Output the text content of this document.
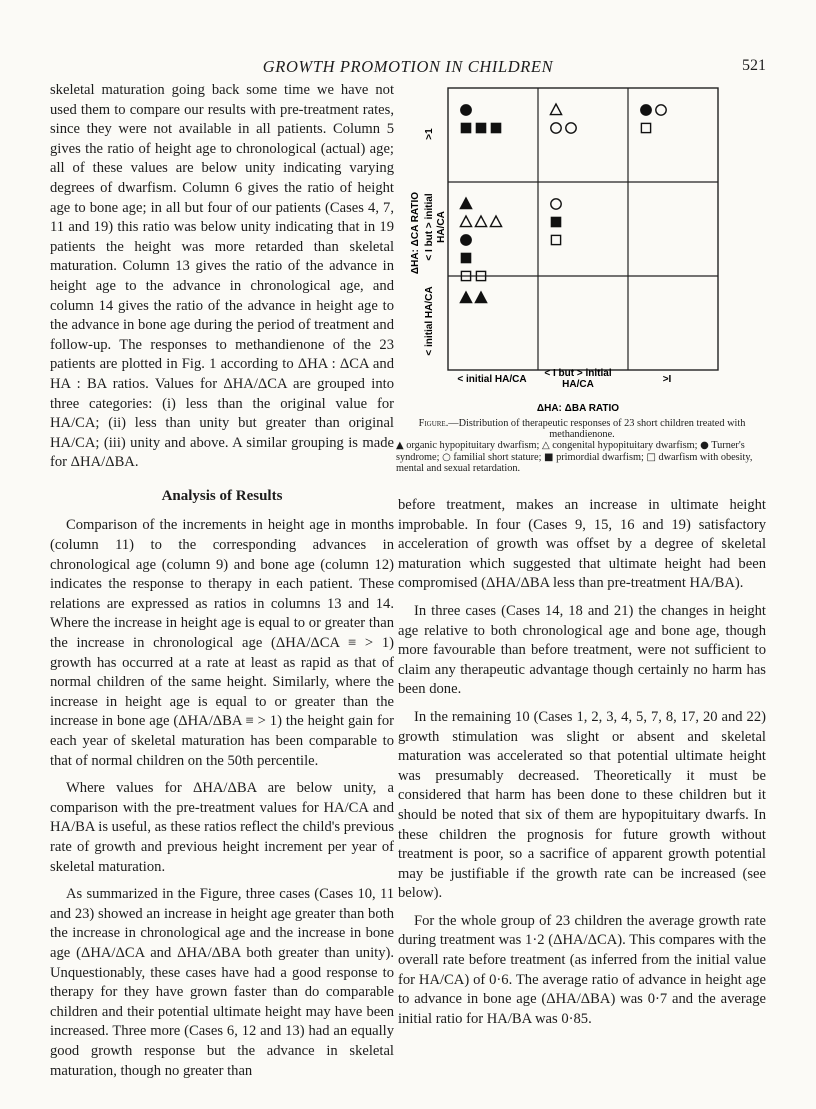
GROWTH PROMOTION IN CHILDREN	521

skeletal maturation going back some time we have not used them to compare our results with pre-treatment rates, since they were not available in all patients. Column 5 gives the ratio of height age to chronological (actual) age; all of these values are below unity indicating varying degrees of dwarfism. Column 6 gives the ratio of height age to bone age; in all but four of our patients (Cases 4, 7, 11 and 19) this ratio was below unity indicating that in 19 patients the height was more retarded than skeletal maturation. Column 13 gives the ratio of the advance in height age to the advance in chronological age, and column 14 gives the ratio of the advance in height age to the advance in bone age during the period of treatment and follow-up. The responses to methandienone of the 23 patients are plotted in Fig. 1 according to ΔHA : ΔCA and HA : BA ratios. Values for ΔHA/ΔCA are grouped into three categories: (i) less than the original value for HA/CA; (ii) less than unity but greater than original HA/CA; (iii) unity and above. A similar grouping is made for ΔHA/ΔBA.

Analysis of Results

Comparison of the increments in height age in months (column 11) to the corresponding advances in chronological age (column 9) and bone age (column 12) indicates the response to therapy in each patient. These relations are expressed as ratios in columns 13 and 14. Where the increase in height age is equal to or greater than the increase in chronological age (ΔHA/ΔCA ≡ > 1) growth has occurred at a rate at least as rapid as that of normal children of the same height. Similarly, where the increase in height age is equal to or greater than the increase in bone age (ΔHA/ΔBA ≡ > 1) the height gain for each year of skeletal maturation has been comparable to that of normal children on the 50th percentile.

Where values for ΔHA/ΔBA are below unity, a comparison with the pre-treatment values for HA/CA and HA/BA is useful, as these ratios reflect the child's previous rate of growth and previous height increment per year of skeletal maturation.

As summarized in the Figure, three cases (Cases 10, 11 and 23) showed an increase in height age greater than both the increase in chronological age and the increase in bone age (ΔHA/ΔCA and ΔHA/ΔBA both greater than unity). Unquestionably, these cases have had a good response to therapy for they have grown faster than do comparable children and their potential ultimate height may have been increased. Three more (Cases 6, 12 and 13) had an equally good growth response but the advance in skeletal maturation, though no greater than

ΔHA: ΔCA RATIO
>1
< I but > initial HA/CA
< initial HA/CA
< initial HA/CA
< I but > initial
HA/CA	>I
ΔHA: ΔBA RATIO
Figure.—Distribution of therapeutic responses of 23 short children treated with methandienone.
▲ organic hypopituitary dwarfism; △ congenital hypopituitary dwarfism; ● Turner's syndrome; ○ familial short stature; ■ primordial dwarfism; □ dwarfism with obesity, mental and sexual retardation.

before treatment, makes an increase in ultimate height improbable. In four (Cases 9, 15, 16 and 19) satisfactory acceleration of growth was offset by a degree of skeletal maturation which suggested that ultimate height had been compromised (ΔHA/ΔBA less than pre-treatment HA/BA).

In three cases (Cases 14, 18 and 21) the changes in height age relative to both chronological age and bone age, though more favourable than before treatment, were not sufficient to claim any therapeutic advantage though certainly no harm has been done.

In the remaining 10 (Cases 1, 2, 3, 4, 5, 7, 8, 17, 20 and 22) growth stimulation was slight or absent and skeletal maturation was accelerated so that potential ultimate height was presumably decreased. Theoretically it must be considered that harm has been done to these children but it should be noted that six of them are hypopituitary dwarfs. In these children the prognosis for future growth without treatment is poor, so a sacrifice of apparent growth potential may be justifiable if the growth rate can be increased (see below).

For the whole group of 23 children the average growth rate during treatment was 1·2 (ΔHA/ΔCA). This compares with the overall rate before treatment (as inferred from the initial value for HA/CA) of 0·6. The average ratio of advance in height age to advance in bone age (ΔHA/ΔBA) was 0·7 and the average initial ratio for HA/BA was 0·85.
